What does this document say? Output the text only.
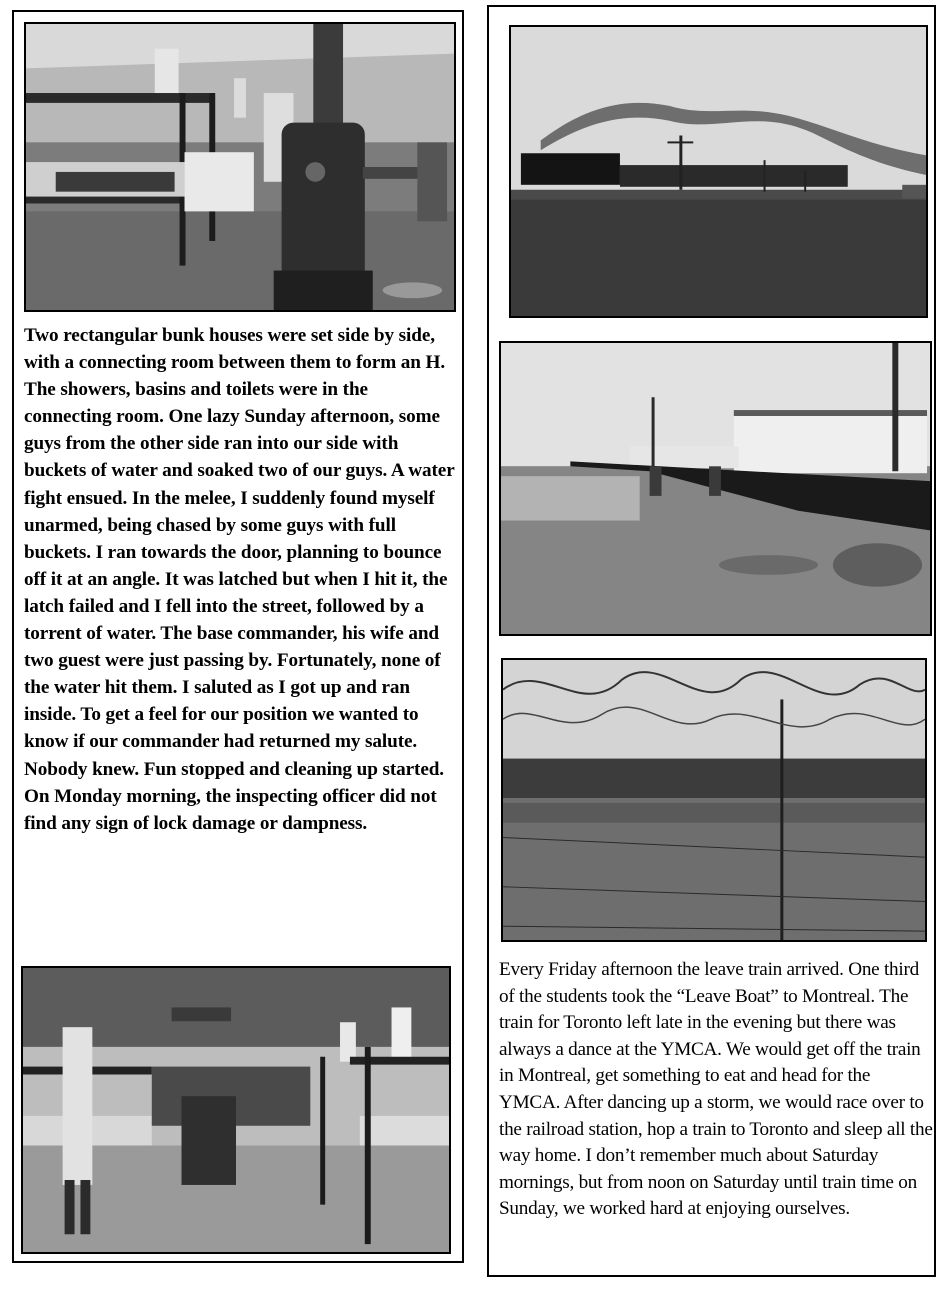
Two rectangular bunk houses were set side by side, with a connecting room between them to form an H. The showers, basins and toilets were in the connecting room. One lazy Sunday afternoon, some guys from the other side ran into our side with buckets of water and soaked two of our guys. A water fight ensued. In the melee, I suddenly found myself unarmed, being chased by some guys with full buckets. I ran towards the door, planning to bounce off it at an angle. It was latched but when I hit it, the latch failed and I fell into the street, followed by a torrent of water. The base commander, his wife and two guest were just passing by. Fortunately, none of the water hit them. I saluted as I got up and ran inside. To get a feel for our position we wanted to know if our commander had returned my salute. Nobody knew. Fun stopped and cleaning up started. On Monday morning, the inspecting officer did not find any sign of lock damage or dampness.

Every Friday afternoon the leave train arrived. One third of the students took the “Leave Boat” to Montreal. The train for Toronto left late in the evening but there was always a dance at the YMCA. We would get off the train in Montreal, get something to eat and head for the YMCA. After dancing up a storm, we would race over to the railroad station, hop a train to Toronto and sleep all the way home. I don’t remember much about Saturday mornings, but from noon on Saturday until train time on Sunday, we worked hard at enjoying ourselves.
